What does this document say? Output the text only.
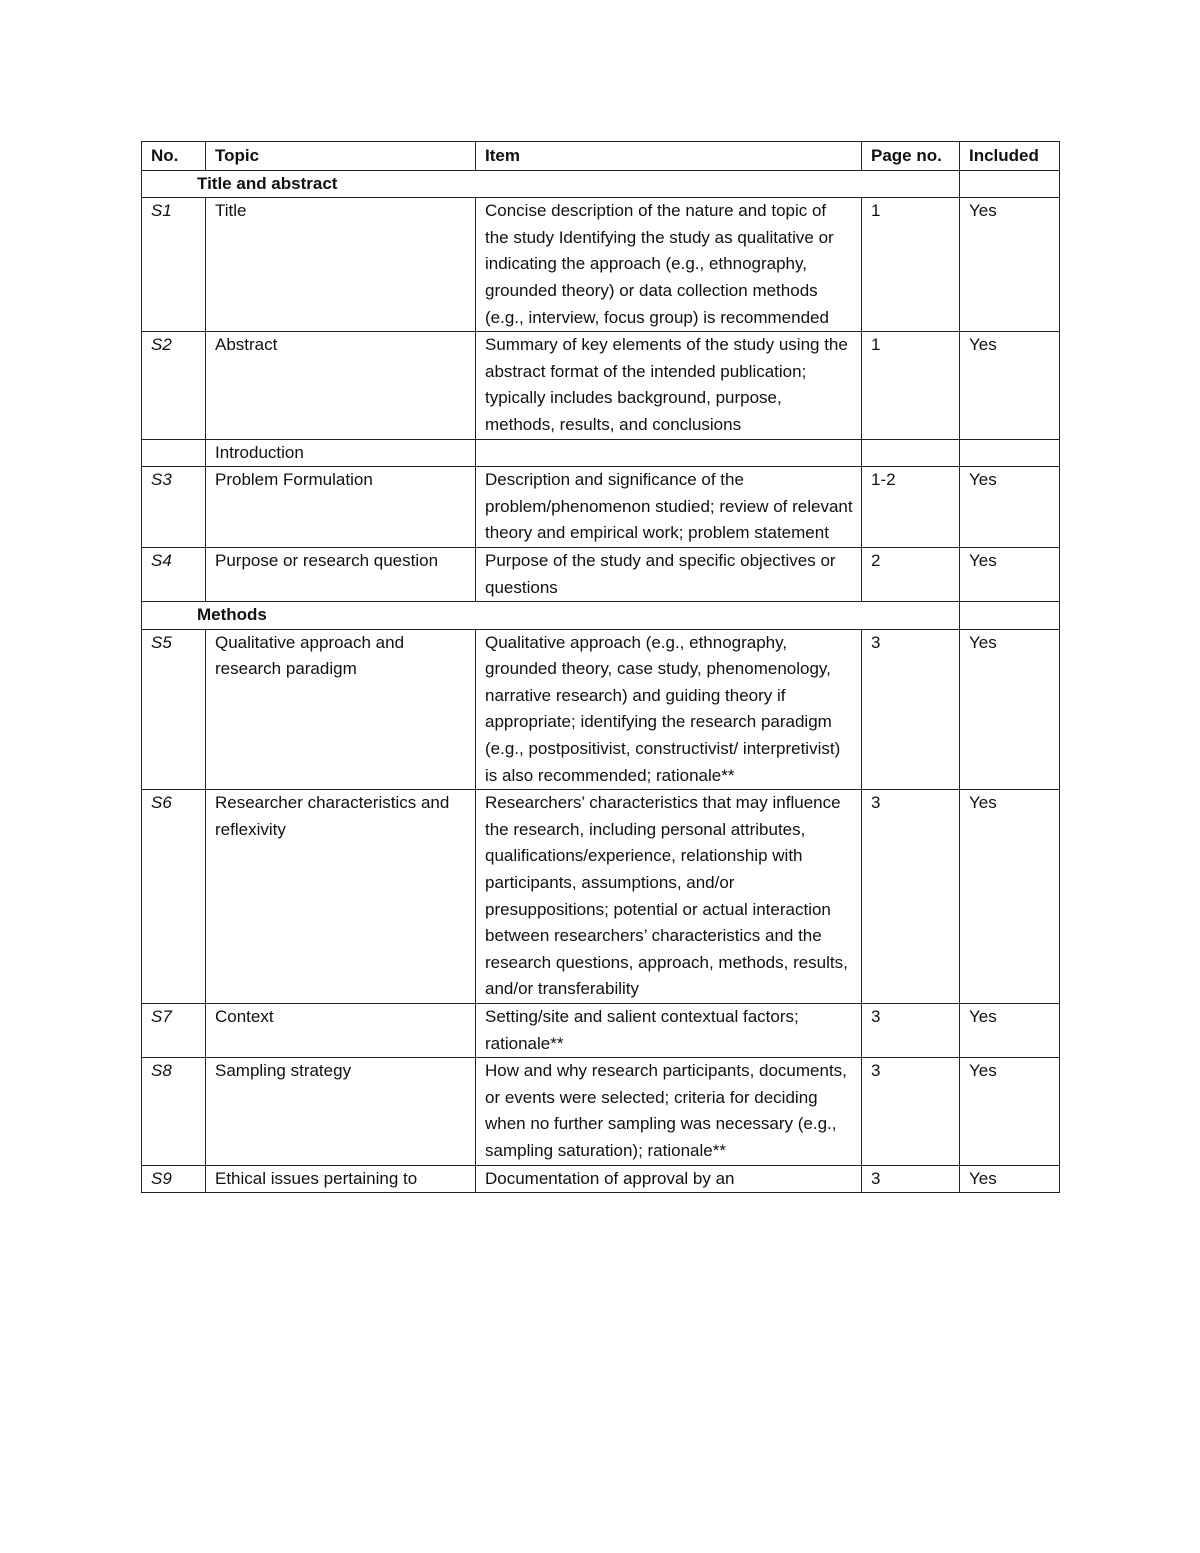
No.	Topic	Item	Page no.	Included
Title and abstract				
S1	Title	Concise description of the nature and topic of the study Identifying the study as qualitative or indicating the approach (e.g., ethnography, grounded theory) or data collection methods (e.g., interview, focus group) is recommended	1	Yes
S2	Abstract	Summary of key elements of the study using the abstract format of the intended publication; typically includes background, purpose, methods, results, and conclusions	1	Yes
	Introduction			
S3	Problem Formulation	Description and significance of the problem/phenomenon studied; review of relevant theory and empirical work; problem statement	1-2	Yes
S4	Purpose or research question	Purpose of the study and specific objectives or questions	2	Yes
Methods				
S5	Qualitative approach and research paradigm	Qualitative approach (e.g., ethnography, grounded theory, case study, phenomenology, narrative research) and guiding theory if appropriate; identifying the research paradigm (e.g., postpositivist, constructivist/ interpretivist) is also recommended; rationale**	3	Yes
S6	Researcher characteristics and reflexivity	Researchers’ characteristics that may influence the research, including personal attributes, qualifications/experience, relationship with participants, assumptions, and/or presuppositions; potential or actual interaction between researchers’ characteristics and the research questions, approach, methods, results, and/or transferability	3	Yes
S7	Context	Setting/site and salient contextual factors; rationale**	3	Yes
S8	Sampling strategy	How and why research participants, documents, or events were selected; criteria for deciding when no further sampling was necessary (e.g., sampling saturation); rationale**	3	Yes
S9	Ethical issues pertaining to	Documentation of approval by an	3	Yes
